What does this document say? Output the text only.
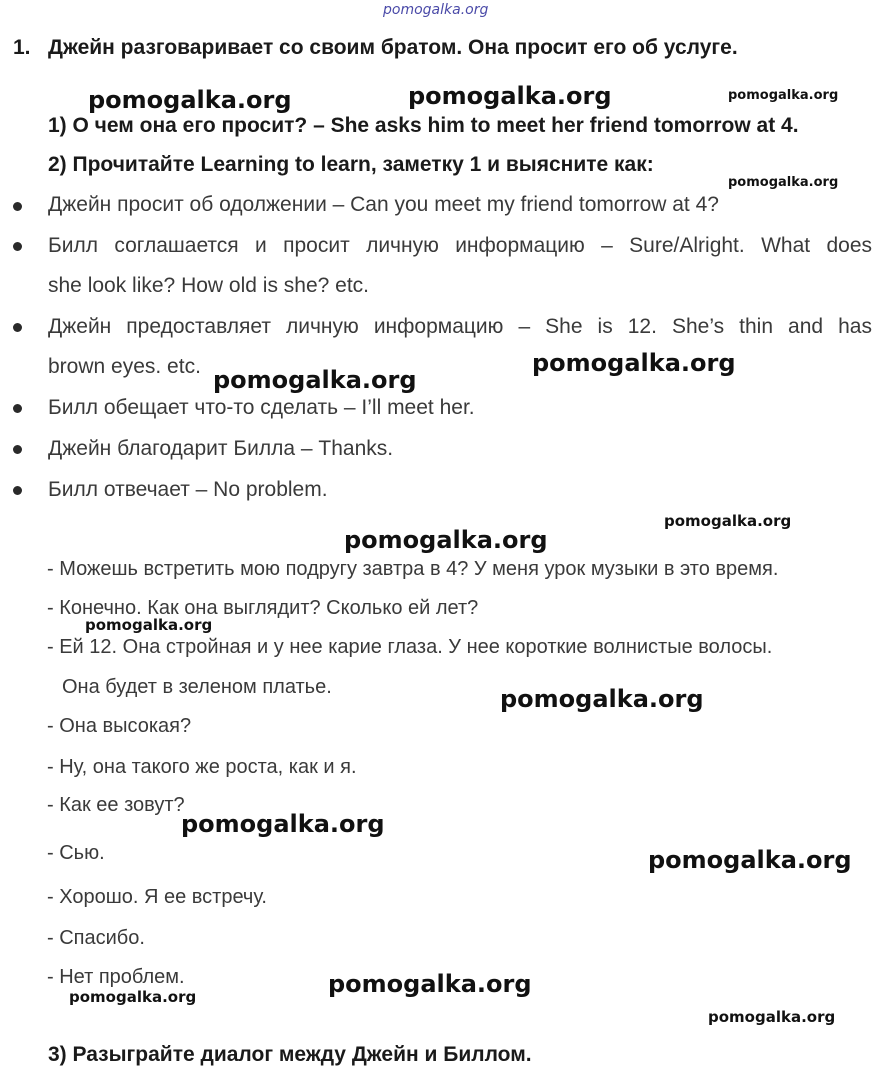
pomogalka.org
1. Джейн разговаривает со своим братом. Она просит его об услуге.
1) О чем она его просит? – She asks him to meet her friend tomorrow at 4.
2) Прочитайте Learning to learn, заметку 1 и выясните как:
Джейн просит об одолжении – Can you meet my friend tomorrow at 4?
Билл соглашается и просит личную информацию – Sure/Alright. What does
she look like? How old is she? etc.
Джейн предоставляет личную информацию – She is 12. She’s thin and has
brown eyes. etc.
Билл обещает что-то сделать – I’ll meet her.
Джейн благодарит Билла – Thanks.
Билл отвечает – No problem.
- Можешь встретить мою подругу завтра в 4? У меня урок музыки в это время.
- Конечно. Как она выглядит? Сколько ей лет?
- Ей 12. Она стройная и у нее карие глаза. У нее короткие волнистые волосы.
Она будет в зеленом платье.
- Она высокая?
- Ну, она такого же роста, как и я.
- Как ее зовут?
- Сью.
- Хорошо. Я ее встречу.
- Спасибо.
- Нет проблем.
3) Разыграйте диалог между Джейн и Биллом.
pomogalka.org	pomogalka.org	pomogalka.org
pomogalka.org
pomogalka.org
pomogalka.org
pomogalka.org
pomogalka.org
pomogalka.org
pomogalka.org
pomogalka.org
pomogalka.org
pomogalka.org
pomogalka.org
pomogalka.org
